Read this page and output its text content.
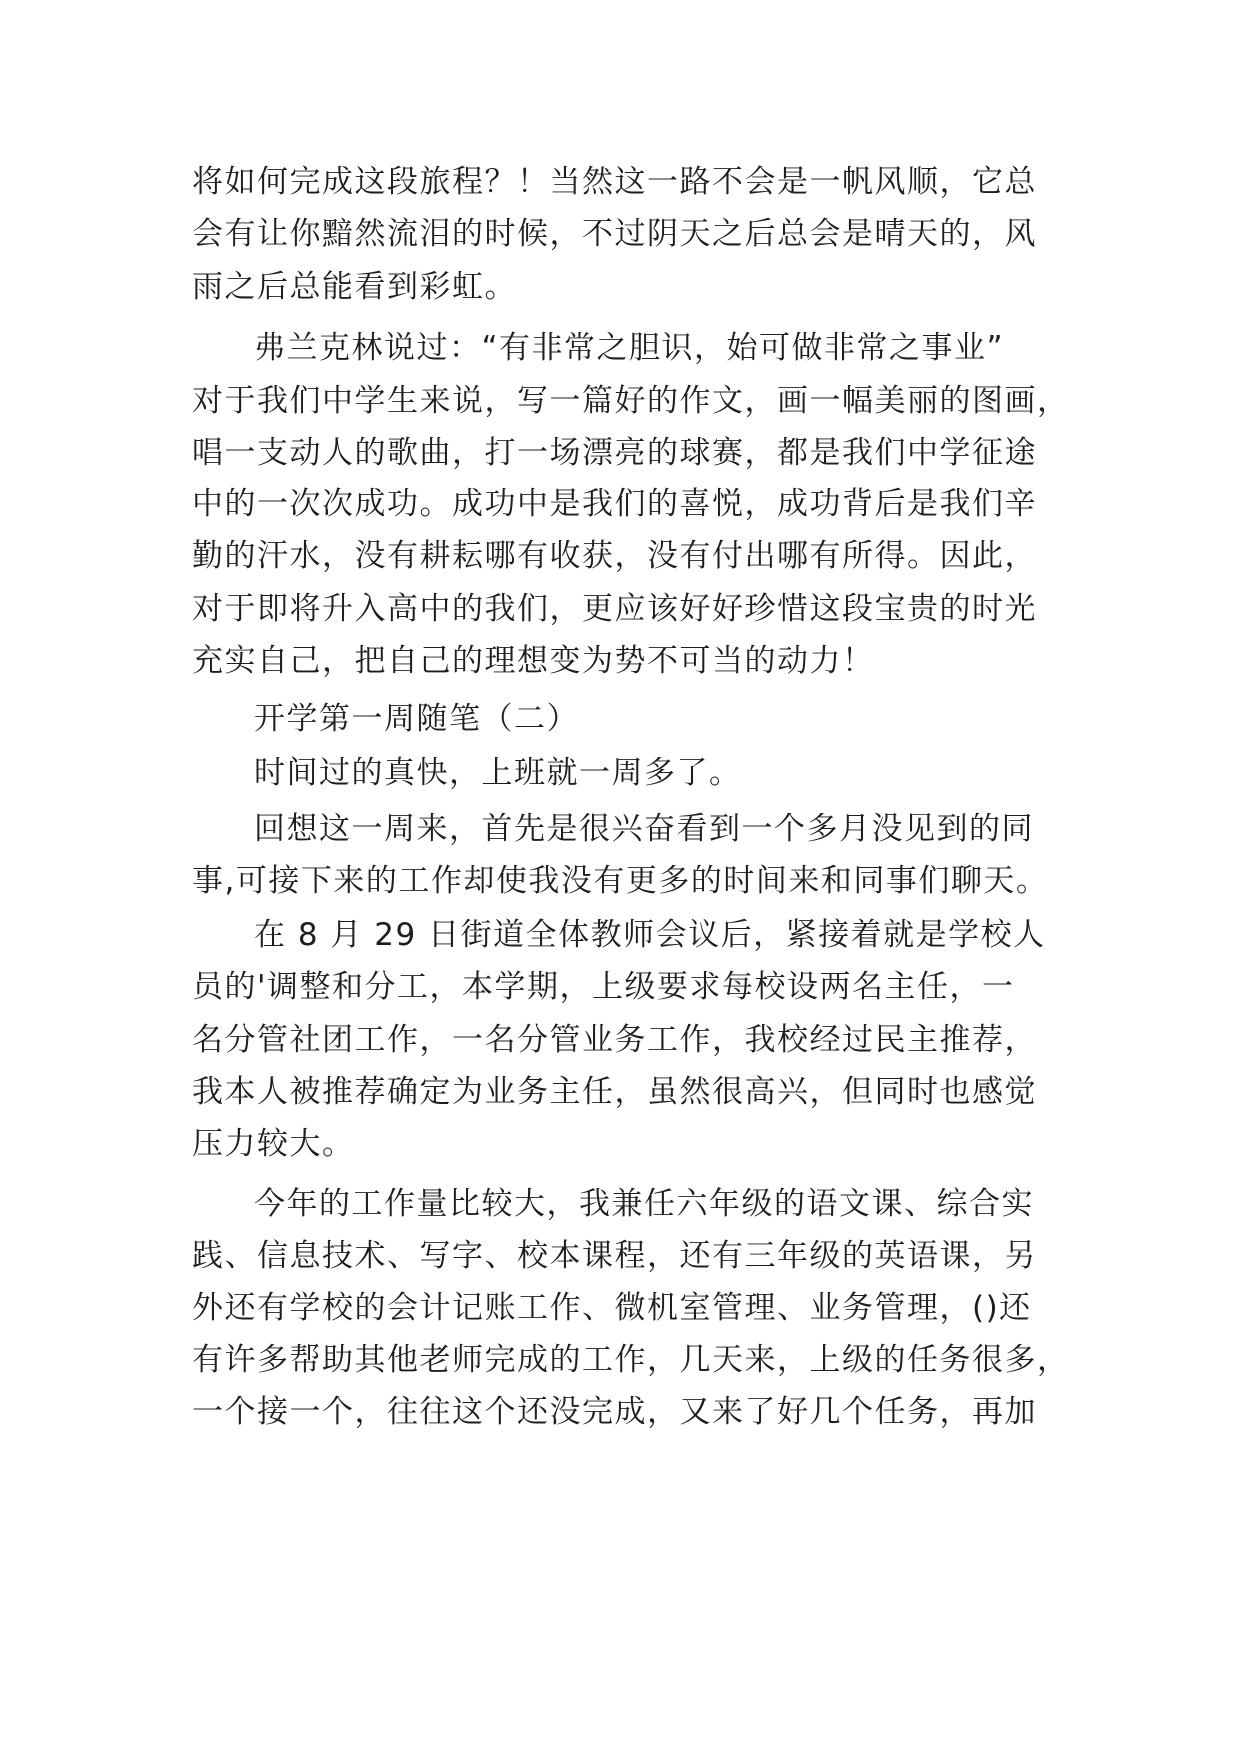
将如何完成这段旅程？！当然这一路不会是一帆风顺，它总
会有让你黯然流泪的时候，不过阴天之后总会是晴天的，风
雨之后总能看到彩虹。
弗兰克林说过：“有非常之胆识，始可做非常之事业”
对于我们中学生来说，写一篇好的作文，画一幅美丽的图画，
唱一支动人的歌曲，打一场漂亮的球赛，都是我们中学征途
中的一次次成功。成功中是我们的喜悦，成功背后是我们辛
勤的汗水，没有耕耘哪有收获，没有付出哪有所得。因此，
对于即将升入高中的我们，更应该好好珍惜这段宝贵的时光
充实自己，把自己的理想变为势不可当的动力！
开学第一周随笔（二）
时间过的真快，上班就一周多了。
回想这一周来，首先是很兴奋看到一个多月没见到的同
事,可接下来的工作却使我没有更多的时间来和同事们聊天。
在 8 月 29 日街道全体教师会议后，紧接着就是学校人
员的'调整和分工，本学期，上级要求每校设两名主任，一
名分管社团工作，一名分管业务工作，我校经过民主推荐，
我本人被推荐确定为业务主任，虽然很高兴，但同时也感觉
压力较大。
今年的工作量比较大，我兼任六年级的语文课、综合实
践、信息技术、写字、校本课程，还有三年级的英语课，另
外还有学校的会计记账工作、微机室管理、业务管理，()还
有许多帮助其他老师完成的工作，几天来，上级的任务很多，
一个接一个，往往这个还没完成，又来了好几个任务，再加
